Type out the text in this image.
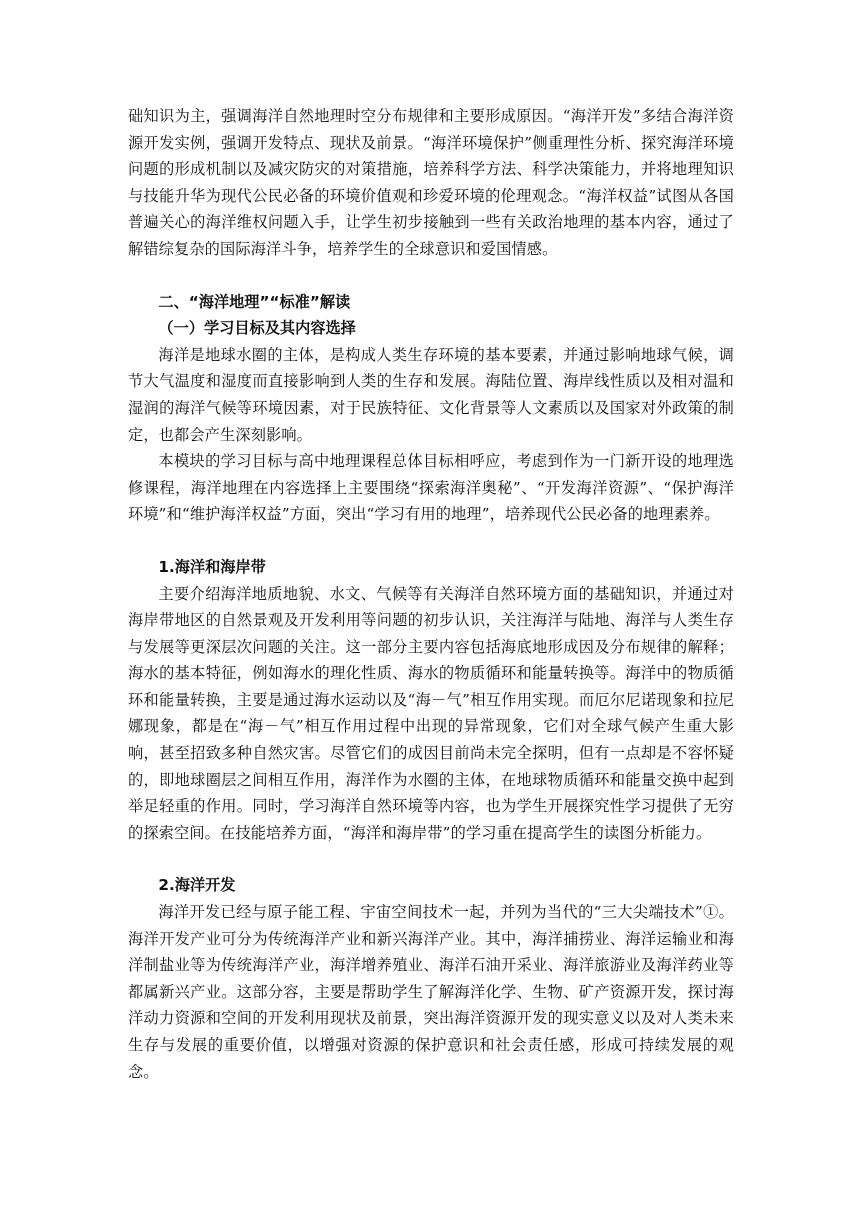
础知识为主，强调海洋自然地理时空分布规律和主要形成原因。“海洋开发”多结合海洋资源开发实例，强调开发特点、现状及前景。“海洋环境保护”侧重理性分析、探究海洋环境问题的形成机制以及减灾防灾的对策措施，培养科学方法、科学决策能力，并将地理知识与技能升华为现代公民必备的环境价值观和珍爱环境的伦理观念。“海洋权益”试图从各国普遍关心的海洋维权问题入手，让学生初步接触到一些有关政治地理的基本内容，通过了解错综复杂的国际海洋斗争，培养学生的全球意识和爱国情感。

二、“海洋地理”“标准”解读

（一）学习目标及其内容选择

海洋是地球水圈的主体，是构成人类生存环境的基本要素，并通过影响地球气候，调节大气温度和湿度而直接影响到人类的生存和发展。海陆位置、海岸线性质以及相对温和湿润的海洋气候等环境因素，对于民族特征、文化背景等人文素质以及国家对外政策的制定，也都会产生深刻影响。

本模块的学习目标与高中地理课程总体目标相呼应，考虑到作为一门新开设的地理选修课程，海洋地理在内容选择上主要围绕“探索海洋奥秘”、“开发海洋资源”、“保护海洋环境”和“维护海洋权益”方面，突出“学习有用的地理”，培养现代公民必备的地理素养。

1.海洋和海岸带

主要介绍海洋地质地貌、水文、气候等有关海洋自然环境方面的基础知识，并通过对海岸带地区的自然景观及开发利用等问题的初步认识，关注海洋与陆地、海洋与人类生存与发展等更深层次问题的关注。这一部分主要内容包括海底地形成因及分布规律的解释；海水的基本特征，例如海水的理化性质、海水的物质循环和能量转换等。海洋中的物质循环和能量转换，主要是通过海水运动以及“海－气”相互作用实现。而厄尔尼诺现象和拉尼娜现象，都是在“海－气”相互作用过程中出现的异常现象，它们对全球气候产生重大影响，甚至招致多种自然灾害。尽管它们的成因目前尚未完全探明，但有一点却是不容怀疑的，即地球圈层之间相互作用，海洋作为水圈的主体，在地球物质循环和能量交换中起到举足轻重的作用。同时，学习海洋自然环境等内容，也为学生开展探究性学习提供了无穷的探索空间。在技能培养方面，“海洋和海岸带”的学习重在提高学生的读图分析能力。

2.海洋开发

海洋开发已经与原子能工程、宇宙空间技术一起，并列为当代的“三大尖端技术”①。海洋开发产业可分为传统海洋产业和新兴海洋产业。其中，海洋捕捞业、海洋运输业和海洋制盐业等为传统海洋产业，海洋增养殖业、海洋石油开采业、海洋旅游业及海洋药业等都属新兴产业。这部分容，主要是帮助学生了解海洋化学、生物、矿产资源开发，探讨海洋动力资源和空间的开发利用现状及前景，突出海洋资源开发的现实意义以及对人类未来生存与发展的重要价值，以增强对资源的保护意识和社会责任感，形成可持续发展的观念。
